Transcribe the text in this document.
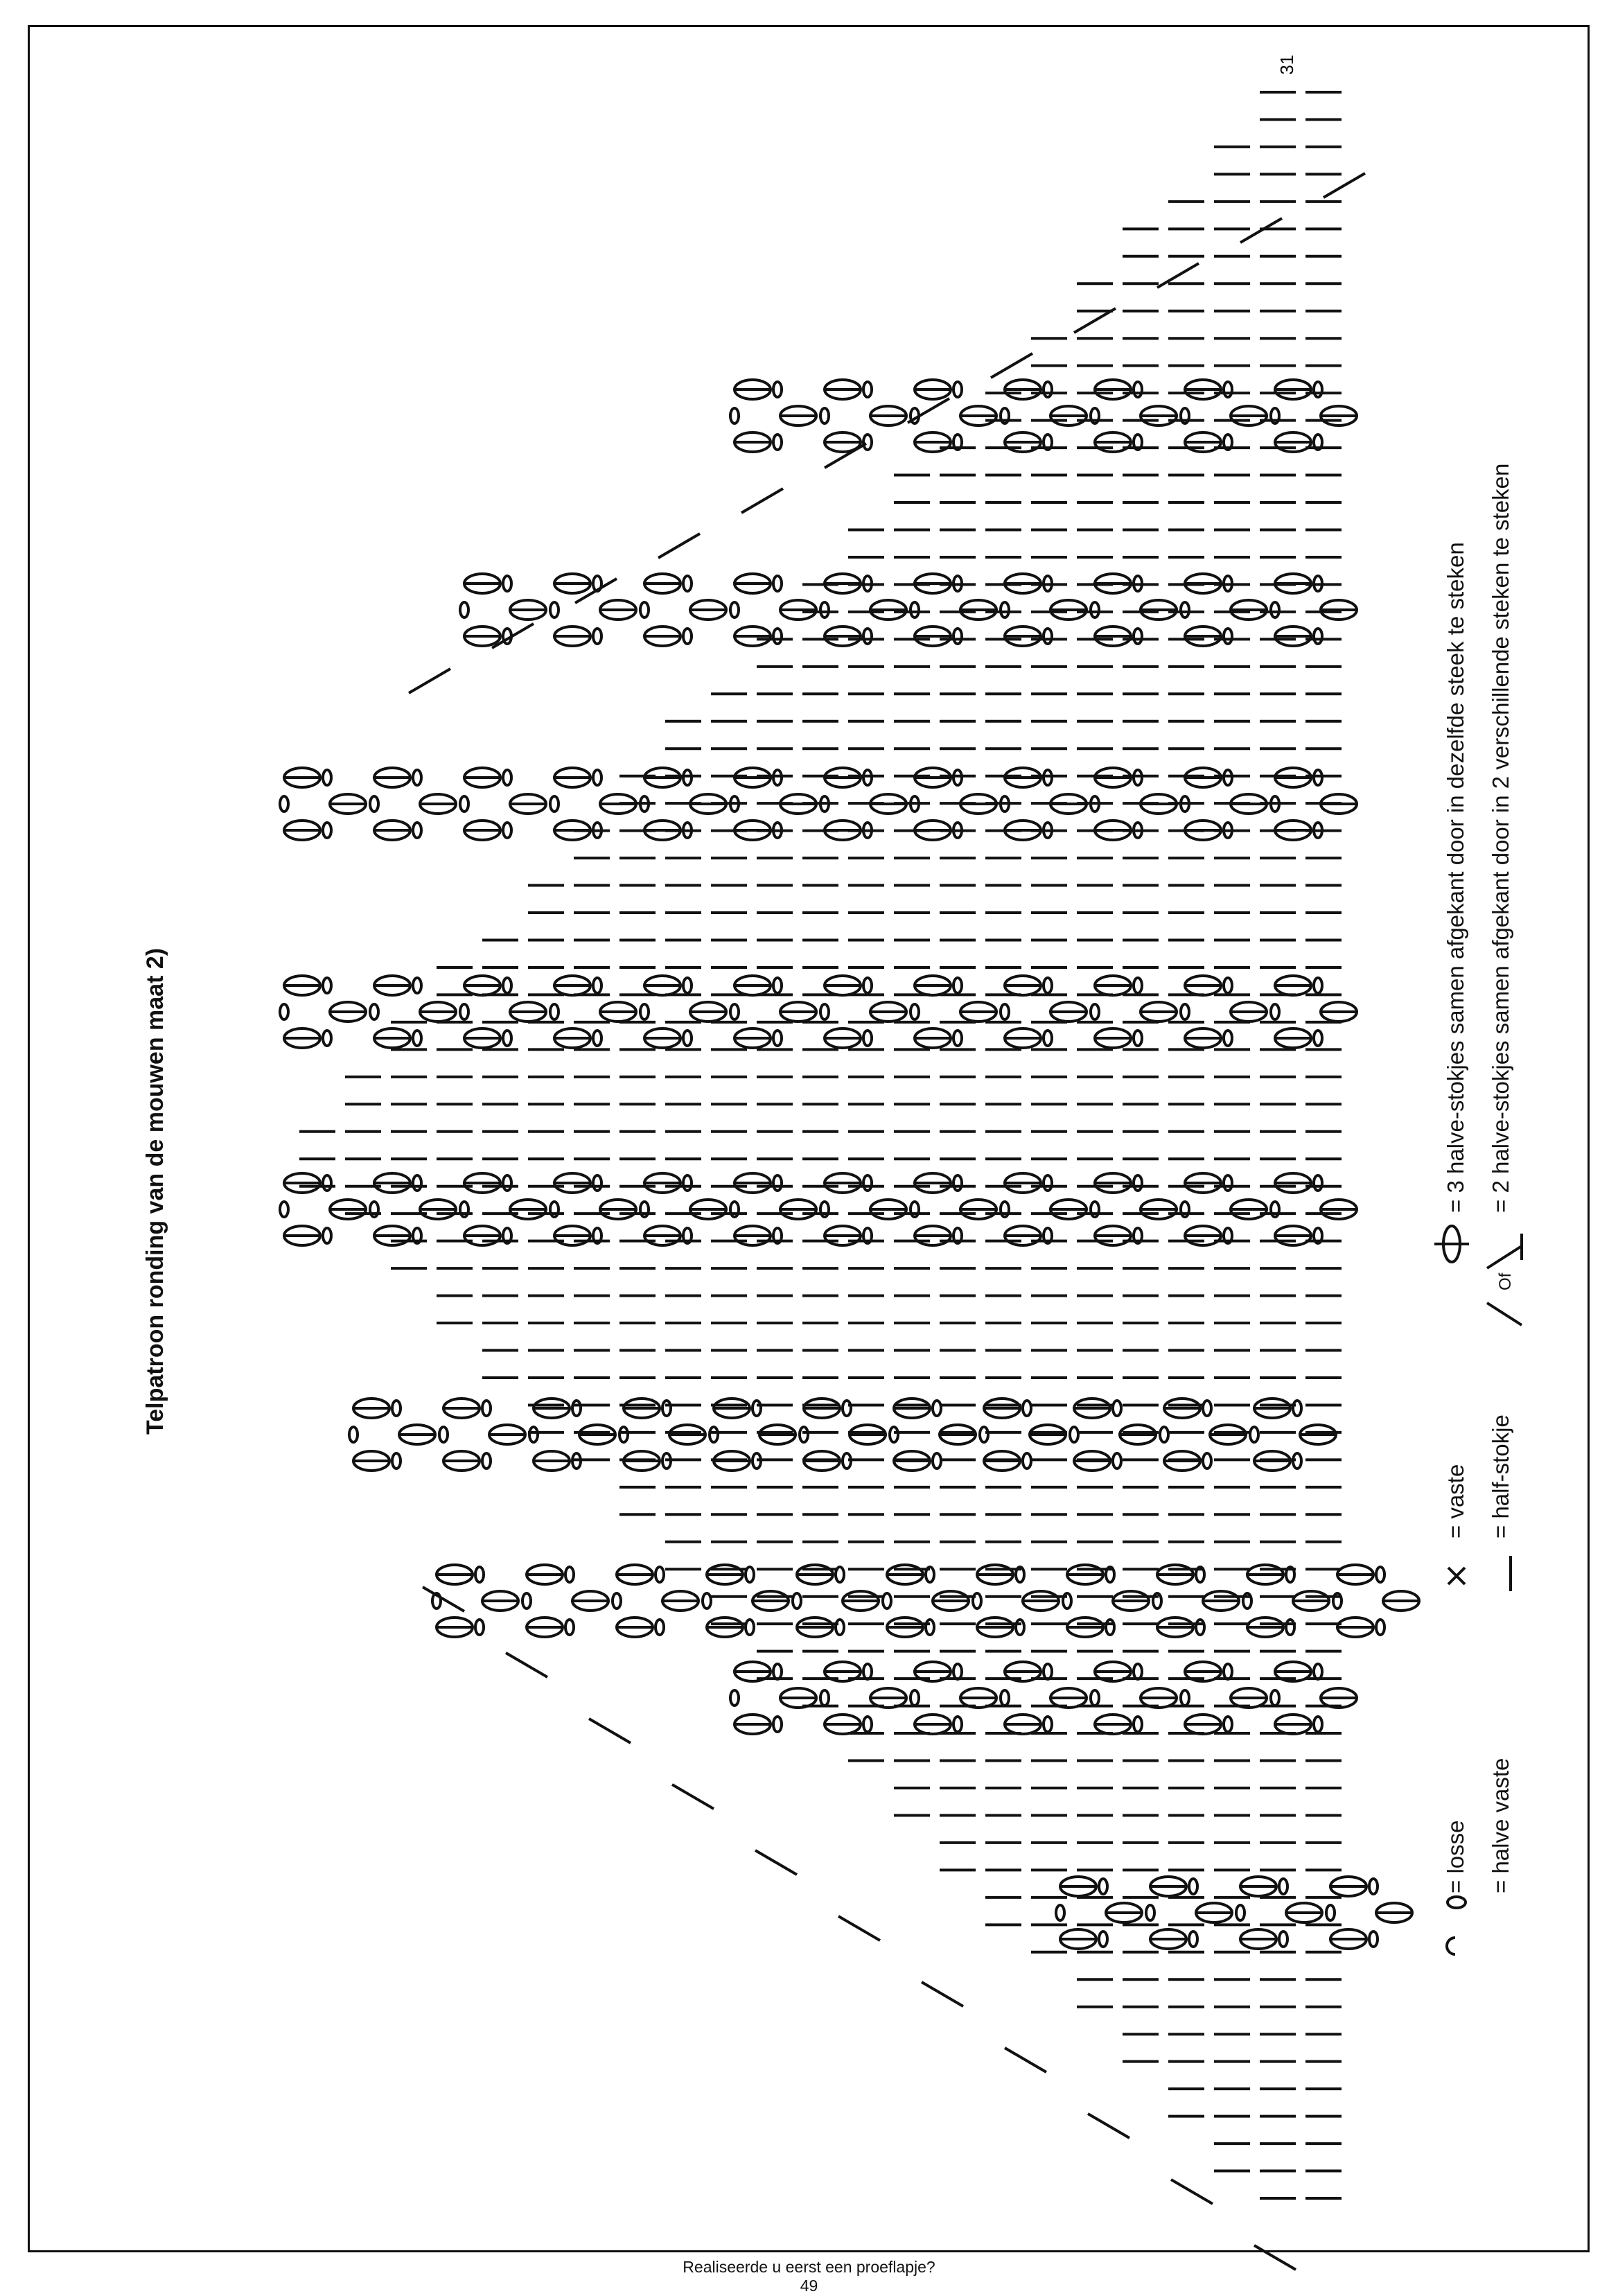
Telpatroon ronding van de mouwen maat 2)
31
= losse = halve vaste
= vaste = half-stokje
= 3 halve-stokjes samen afgekant door in dezelfde steek te steken
Of
= 2 halve-stokjes samen afgekant door in 2 verschillende steken te steken
Realiseerde u eerst een proeflapje?
49
